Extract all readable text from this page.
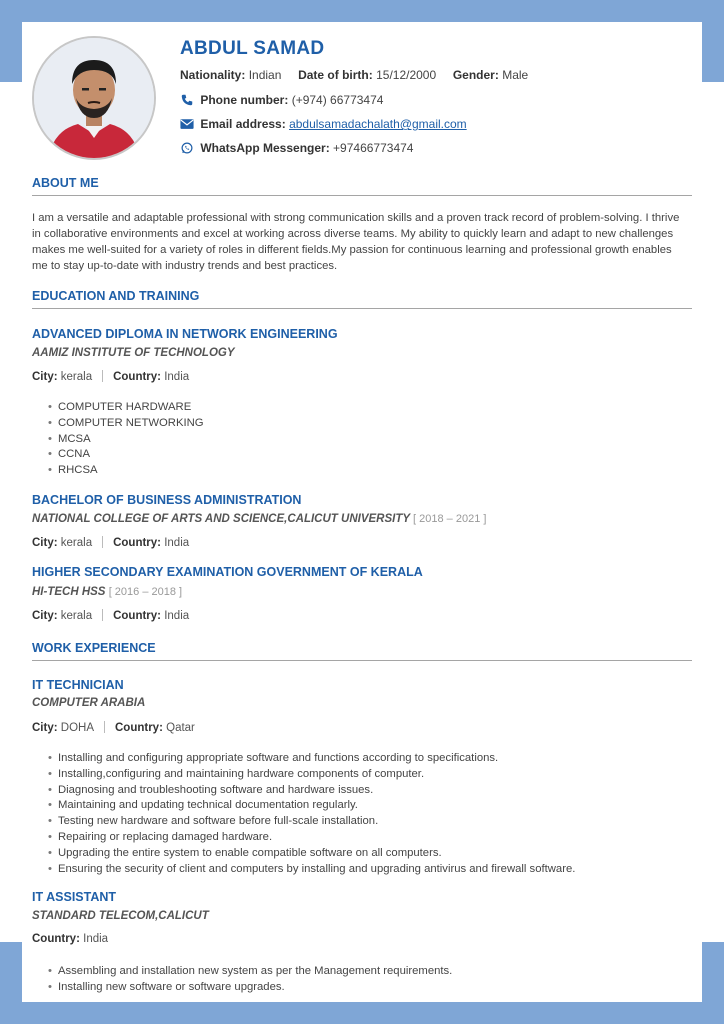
ABDUL SAMAD
Nationality: Indian Date of birth: 15/12/2000 Gender: Male
Phone number: (+974) 66773474
Email address: abdulsamadachalath@gmail.com
WhatsApp Messenger: +97466773474
ABOUT ME
I am a versatile and adaptable professional with strong communication skills and a proven track record of problem-solving. I thrive in collaborative environments and excel at working across diverse teams. My ability to quickly learn and adapt to new challenges makes me well-suited for a variety of roles in different fields.My passion for continuous learning and professional growth enables me to stay up-to-date with industry trends and best practices.
EDUCATION AND TRAINING
ADVANCED DIPLOMA IN NETWORK ENGINEERING
AAMIZ INSTITUTE OF TECHNOLOGY
City: kerala Country: India
• COMPUTER HARDWARE
• COMPUTER NETWORKING
• MCSA
• CCNA
• RHCSA
BACHELOR OF BUSINESS ADMINISTRATION
NATIONAL COLLEGE OF ARTS AND SCIENCE,CALICUT UNIVERSITY [ 2018 – 2021 ]
City: kerala Country: India
HIGHER SECONDARY EXAMINATION GOVERNMENT OF KERALA
HI-TECH HSS [ 2016 – 2018 ]
City: kerala Country: India
WORK EXPERIENCE
IT TECHNICIAN
COMPUTER ARABIA
City: DOHA Country: Qatar
• Installing and configuring appropriate software and functions according to specifications.
• Installing,configuring and maintaining hardware components of computer.
• Diagnosing and troubleshooting software and hardware issues.
• Maintaining and updating technical documentation regularly.
• Testing new hardware and software before full-scale installation.
• Repairing or replacing damaged hardware.
• Upgrading the entire system to enable compatible software on all computers.
• Ensuring the security of client and computers by installing and upgrading antivirus and firewall software.
IT ASSISTANT
STANDARD TELECOM,CALICUT
Country: India
• Assembling and installation new system as per the Management requirements.
• Installing new software or software upgrades.
